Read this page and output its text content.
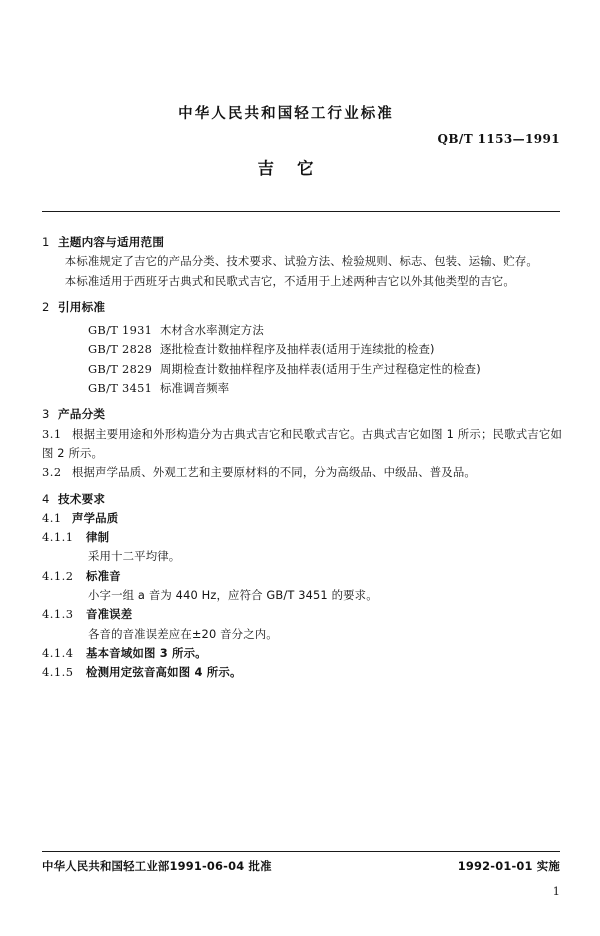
中华人民共和国轻工行业标准
QB/T 1153—1991
吉 它

1 主题内容与适用范围

本标准规定了吉它的产品分类、技术要求、试验方法、检验规则、标志、包装、运输、贮存。

本标准适用于西班牙古典式和民歌式吉它，不适用于上述两种吉它以外其他类型的吉它。

2 引用标准

GB/T 1931 木材含水率测定方法
GB/T 2828 逐批检查计数抽样程序及抽样表(适用于连续批的检查)
GB/T 2829 周期检查计数抽样程序及抽样表(适用于生产过程稳定性的检查)
GB/T 3451 标准调音频率

3 产品分类

3.1 根据主要用途和外形构造分为古典式吉它和民歌式吉它。古典式吉它如图 1 所示；民歌式吉它如图 2 所示。

3.2 根据声学品质、外观工艺和主要原材料的不同，分为高级品、中级品、普及品。

4 技术要求

4.1 声学品质

4.1.1 律制

采用十二平均律。

4.1.2 标准音

小字一组 a 音为 440 Hz，应符合 GB/T 3451 的要求。

4.1.3 音准误差

各音的音准误差应在±20 音分之内。

4.1.4 基本音域如图 3 所示。

4.1.5 检测用定弦音高如图 4 所示。

中华人民共和国轻工业部1991-06-04 批准	1992-01-01 实施
1
